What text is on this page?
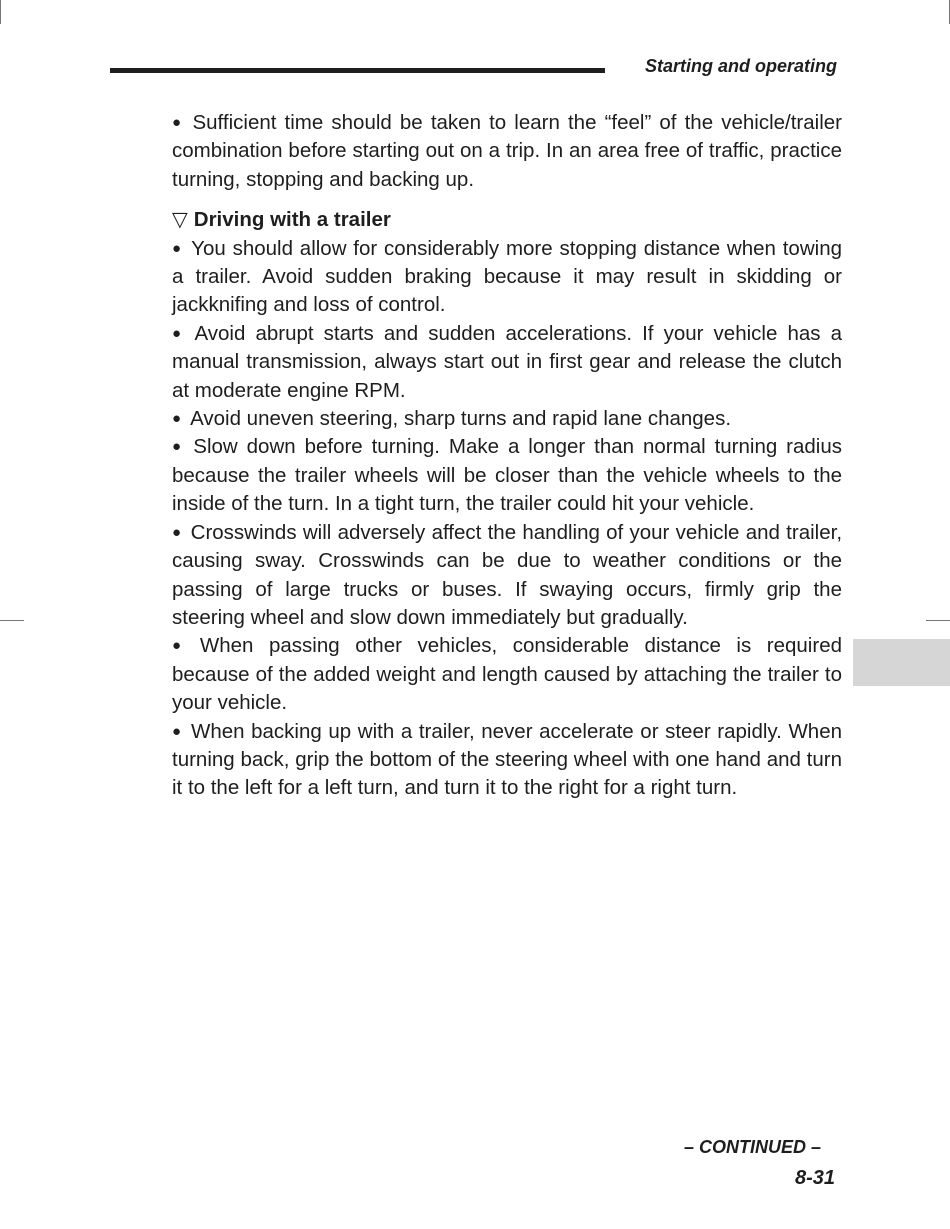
Starting and operating

● Sufficient time should be taken to learn the “feel” of the vehicle/trailer combination before starting out on a trip. In an area free of traffic, practice turning, stopping and backing up.

▽ Driving with a trailer

● You should allow for considerably more stopping distance when towing a trailer. Avoid sudden braking because it may result in skidding or jackknifing and loss of control.

● Avoid abrupt starts and sudden accelerations. If your vehicle has a manual transmission, always start out in first gear and release the clutch at moderate engine RPM.

● Avoid uneven steering, sharp turns and rapid lane changes.

● Slow down before turning. Make a longer than normal turning radius because the trailer wheels will be closer than the vehicle wheels to the inside of the turn. In a tight turn, the trailer could hit your vehicle.

● Crosswinds will adversely affect the handling of your vehicle and trailer, causing sway. Crosswinds can be due to weather conditions or the passing of large trucks or buses. If swaying occurs, firmly grip the steering wheel and slow down immediately but gradually.

● When passing other vehicles, considerable distance is required because of the added weight and length caused by attaching the trailer to your vehicle.

● When backing up with a trailer, never accelerate or steer rapidly. When turning back, grip the bottom of the steering wheel with one hand and turn it to the left for a left turn, and turn it to the right for a right turn.

– CONTINUED –
8-31
